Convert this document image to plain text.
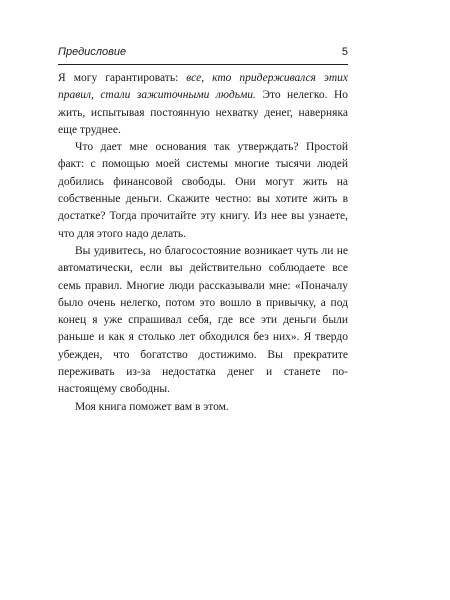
Предисловие	5

Я могу гарантировать: все, кто придерживался этих правил, стали зажиточными людьми. Это нелегко. Но жить, испытывая постоянную нехватку денег, наверняка еще труднее.

Что дает мне основания так утверждать? Простой факт: с помощью моей системы многие тысячи людей добились финансовой свободы. Они могут жить на собственные деньги. Скажите честно: вы хотите жить в достатке? Тогда прочитайте эту книгу. Из нее вы узнаете, что для этого надо делать.

Вы удивитесь, но благосостояние возникает чуть ли не автоматически, если вы действительно соблюдаете все семь правил. Многие люди рассказывали мне: «Поначалу было очень нелегко, потом это вошло в привычку, а под конец я уже спрашивал себя, где все эти деньги были раньше и как я столько лет обходился без них». Я твердо убежден, что богатство достижимо. Вы прекратите переживать из-за недостатка денег и станете по-настоящему свободны.

Моя книга поможет вам в этом.
